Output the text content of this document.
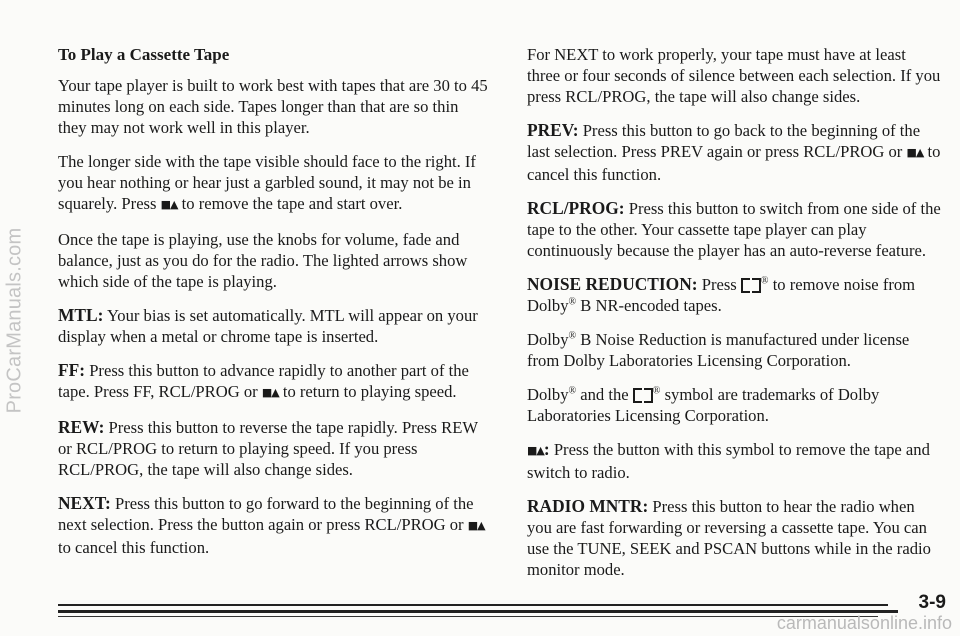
ProCarManuals.com
To Play a Cassette Tape

Your tape player is built to work best with tapes that are 30 to 45 minutes long on each side. Tapes longer than that are so thin they may not work well in this player.

The longer side with the tape visible should face to the right. If you hear nothing or hear just a garbled sound, it may not be in squarely. Press ■▲ to remove the tape and start over.

Once the tape is playing, use the knobs for volume, fade and balance, just as you do for the radio. The lighted arrows show which side of the tape is playing.

MTL: Your bias is set automatically. MTL will appear on your display when a metal or chrome tape is inserted.

FF: Press this button to advance rapidly to another part of the tape. Press FF, RCL/PROG or ■▲ to return to playing speed.

REW: Press this button to reverse the tape rapidly. Press REW or RCL/PROG to return to playing speed. If you press RCL/PROG, the tape will also change sides.

NEXT: Press this button to go forward to the beginning of the next selection. Press the button again or press RCL/PROG or ■▲ to cancel this function.

For NEXT to work properly, your tape must have at least three or four seconds of silence between each selection. If you press RCL/PROG, the tape will also change sides.

PREV: Press this button to go back to the beginning of the last selection. Press PREV again or press RCL/PROG or ■▲ to cancel this function.

RCL/PROG: Press this button to switch from one side of the tape to the other. Your cassette tape player can play continuously because the player has an auto-reverse feature.

NOISE REDUCTION: Press ® to remove noise from Dolby® B NR-encoded tapes.

Dolby® B Noise Reduction is manufactured under license from Dolby Laboratories Licensing Corporation.

Dolby® and the ® symbol are trademarks of Dolby Laboratories Licensing Corporation.

■▲: Press the button with this symbol to remove the tape and switch to radio.

RADIO MNTR: Press this button to hear the radio when you are fast forwarding or reversing a cassette tape. You can use the TUNE, SEEK and PSCAN buttons while in the radio monitor mode.

3-9
carmanualsonline.info
